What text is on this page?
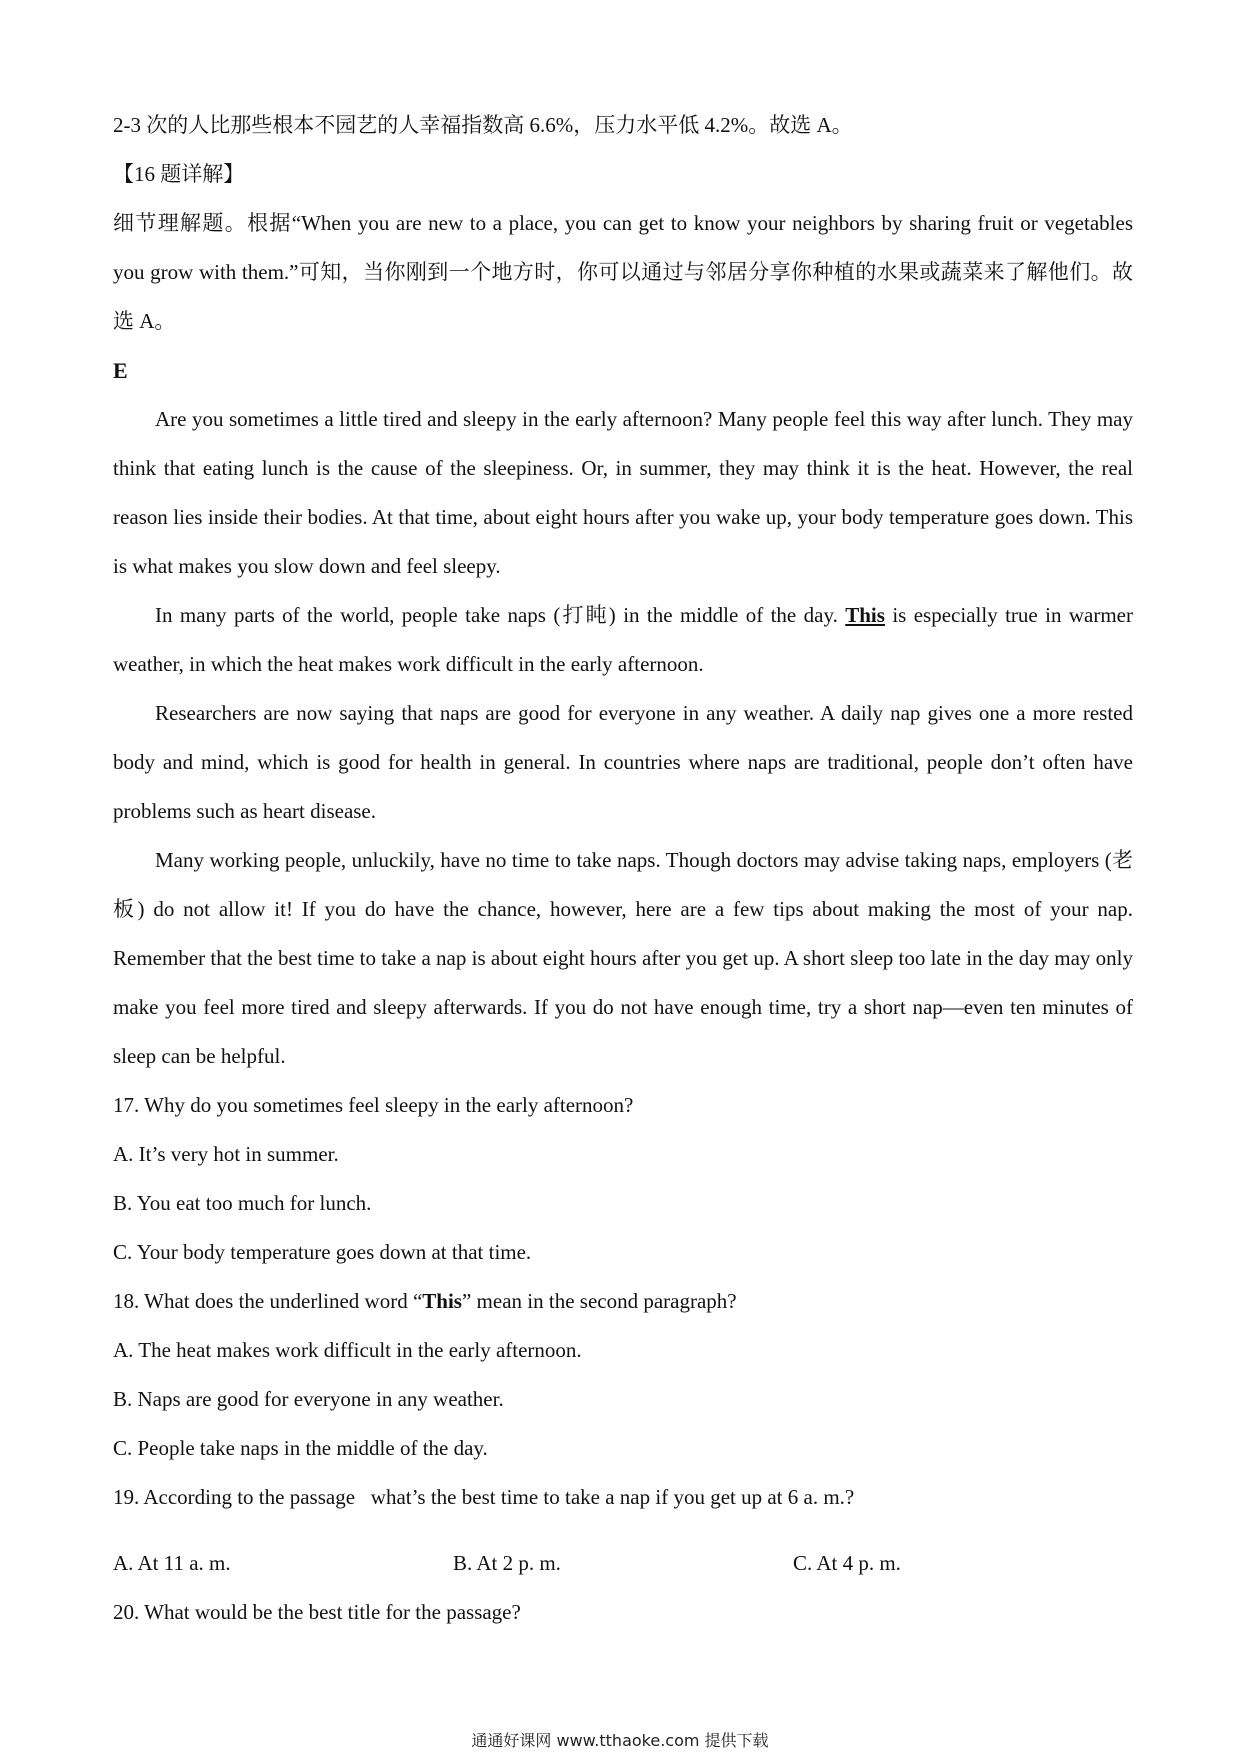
2-3 次的人比那些根本不园艺的人幸福指数高 6.6%，压力水平低 4.2%。故选 A。
【16 题详解】
细节理解题。根据“When you are new to a place, you can get to know your neighbors by sharing fruit or vegetables you grow with them.”可知，当你刚到一个地方时，你可以通过与邻居分享你种植的水果或蔬菜来了解他们。故选 A。
E
Are you sometimes a little tired and sleepy in the early afternoon? Many people feel this way after lunch. They may think that eating lunch is the cause of the sleepiness. Or, in summer, they may think it is the heat. However, the real reason lies inside their bodies. At that time, about eight hours after you wake up, your body temperature goes down. This is what makes you slow down and feel sleepy.
In many parts of the world, people take naps (打盹) in the middle of the day. This is especially true in warmer weather, in which the heat makes work difficult in the early afternoon.
Researchers are now saying that naps are good for everyone in any weather. A daily nap gives one a more rested body and mind, which is good for health in general. In countries where naps are traditional, people don’t often have problems such as heart disease.
Many working people, unluckily, have no time to take naps. Though doctors may advise taking naps, employers (老板) do not allow it! If you do have the chance, however, here are a few tips about making the most of your nap. Remember that the best time to take a nap is about eight hours after you get up. A short sleep too late in the day may only make you feel more tired and sleepy afterwards. If you do not have enough time, try a short nap—even ten minutes of sleep can be helpful.
17. Why do you sometimes feel sleepy in the early afternoon?
A. It’s very hot in summer.
B. You eat too much for lunch.
C. Your body temperature goes down at that time.
18. What does the underlined word “This” mean in the second paragraph?
A. The heat makes work difficult in the early afternoon.
B. Naps are good for everyone in any weather.
C. People take naps in the middle of the day.
19. According to the passage   what’s the best time to take a nap if you get up at 6 a. m.?
A. At 11 a. m.	B. At 2 p. m.	C. At 4 p. m.
20. What would be the best title for the passage?
通通好课网 www.tthaoke.com 提供下载
